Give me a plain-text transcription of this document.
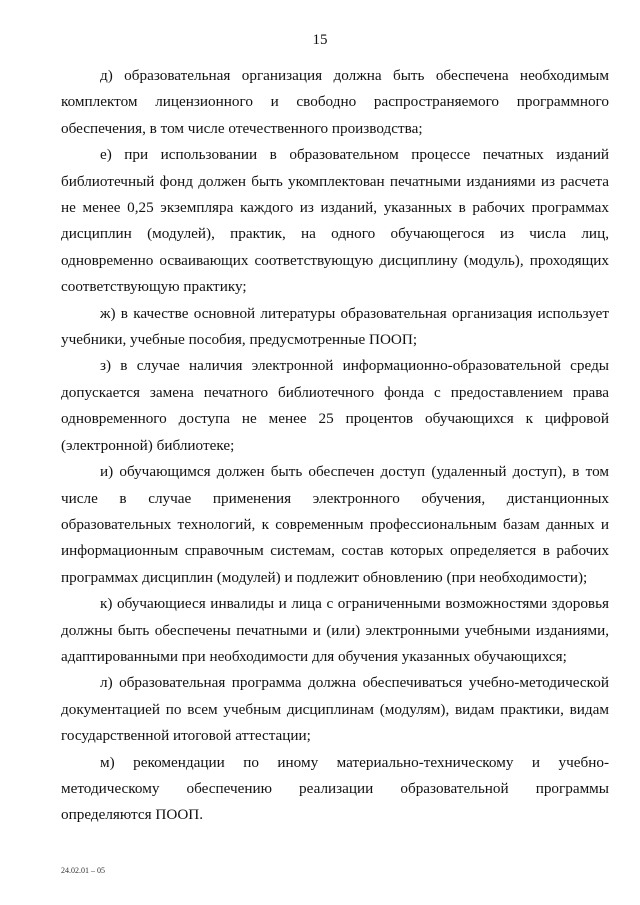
15

д) образовательная организация должна быть обеспечена необходимым комплектом лицензионного и свободно распространяемого программного обеспечения, в том числе отечественного производства;

е) при использовании в образовательном процессе печатных изданий библиотечный фонд должен быть укомплектован печатными изданиями из расчета не менее 0,25 экземпляра каждого из изданий, указанных в рабочих программах дисциплин (модулей), практик, на одного обучающегося из числа лиц, одновременно осваивающих соответствующую дисциплину (модуль), проходящих соответствующую практику;

ж) в качестве основной литературы образовательная организация использует учебники, учебные пособия, предусмотренные ПООП;

з) в случае наличия электронной информационно-образовательной среды допускается замена печатного библиотечного фонда с предоставлением права одновременного доступа не менее 25 процентов обучающихся к цифровой (электронной) библиотеке;

и) обучающимся должен быть обеспечен доступ (удаленный доступ), в том числе в случае применения электронного обучения, дистанционных образовательных технологий, к современным профессиональным базам данных и информационным справочным системам, состав которых определяется в рабочих программах дисциплин (модулей) и подлежит обновлению (при необходимости);

к) обучающиеся инвалиды и лица с ограниченными возможностями здоровья должны быть обеспечены печатными и (или) электронными учебными изданиями, адаптированными при необходимости для обучения указанных обучающихся;

л) образовательная программа должна обеспечиваться учебно-методической документацией по всем учебным дисциплинам (модулям), видам практики, видам государственной итоговой аттестации;

м) рекомендации по иному материально-техническому и учебно-методическому обеспечению реализации образовательной программы определяются ПООП.

24.02.01 – 05
